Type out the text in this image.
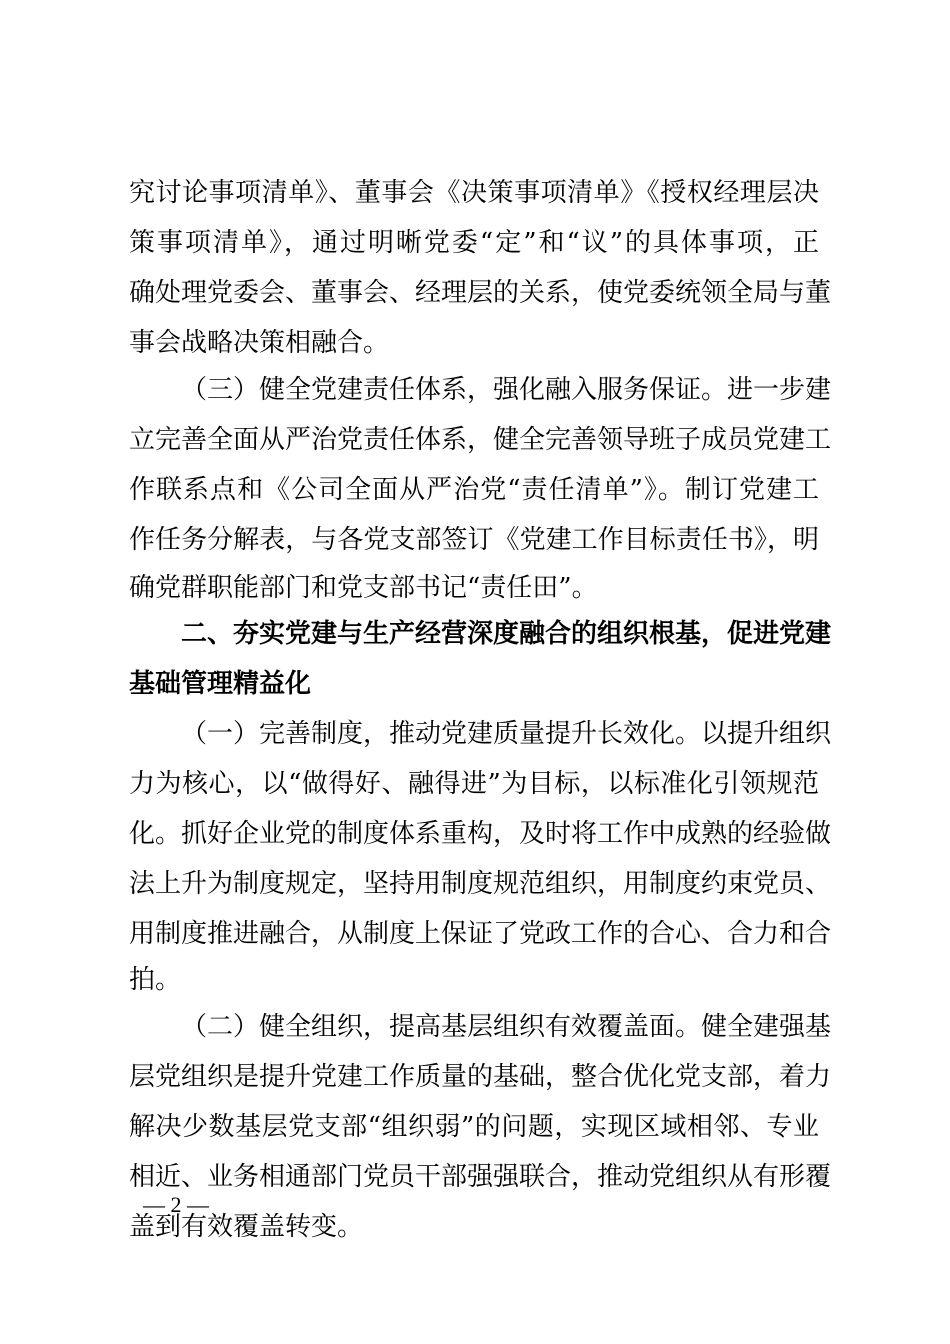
究讨论事项清单》、董事会《决策事项清单》《授权经理层决
策事项清单》，通过明晰党委“定”和“议”的具体事项，正
确处理党委会、董事会、经理层的关系，使党委统领全局与董
事会战略决策相融合。
（三）健全党建责任体系，强化融入服务保证。进一步建
立完善全面从严治党责任体系，健全完善领导班子成员党建工
作联系点和《公司全面从严治党“责任清单”》。制订党建工
作任务分解表，与各党支部签订《党建工作目标责任书》，明
确党群职能部门和党支部书记“责任田”。
二、夯实党建与生产经营深度融合的组织根基，促进党建
基础管理精益化
（一）完善制度，推动党建质量提升长效化。以提升组织
力为核心，以“做得好、融得进”为目标，以标准化引领规范
化。抓好企业党的制度体系重构，及时将工作中成熟的经验做
法上升为制度规定，坚持用制度规范组织，用制度约束党员、
用制度推进融合，从制度上保证了党政工作的合心、合力和合
拍。
（二）健全组织，提高基层组织有效覆盖面。健全建强基
层党组织是提升党建工作质量的基础，整合优化党支部，着力
解决少数基层党支部“组织弱”的问题，实现区域相邻、专业
相近、业务相通部门党员干部强强联合，推动党组织从有形覆
盖到有效覆盖转变。
— 2 —
